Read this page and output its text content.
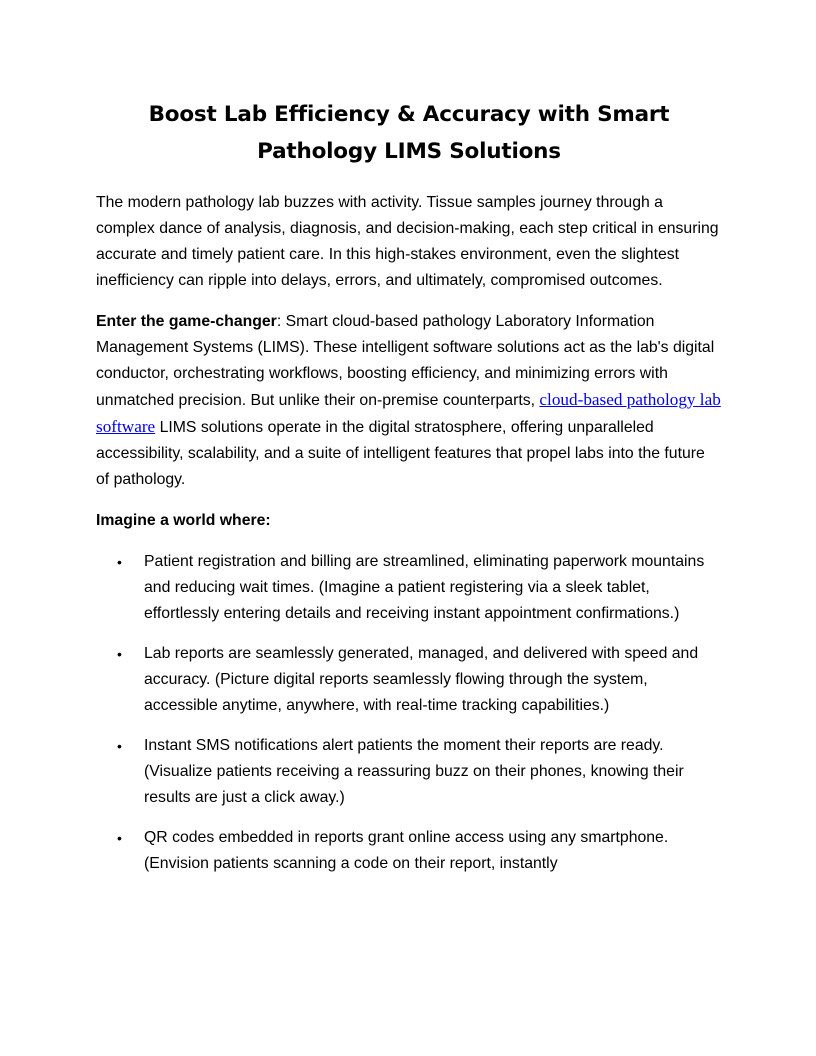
Boost Lab Efficiency & Accuracy with Smart Pathology LIMS Solutions

The modern pathology lab buzzes with activity. Tissue samples journey through a complex dance of analysis, diagnosis, and decision-making, each step critical in ensuring accurate and timely patient care. In this high-stakes environment, even the slightest inefficiency can ripple into delays, errors, and ultimately, compromised outcomes.

Enter the game-changer: Smart cloud-based pathology Laboratory Information Management Systems (LIMS). These intelligent software solutions act as the lab's digital conductor, orchestrating workflows, boosting efficiency, and minimizing errors with unmatched precision. But unlike their on-premise counterparts, cloud-based pathology lab software LIMS solutions operate in the digital stratosphere, offering unparalleled accessibility, scalability, and a suite of intelligent features that propel labs into the future of pathology.

Imagine a world where:

• Patient registration and billing are streamlined, eliminating paperwork mountains and reducing wait times. (Imagine a patient registering via a sleek tablet, effortlessly entering details and receiving instant appointment confirmations.)
• Lab reports are seamlessly generated, managed, and delivered with speed and accuracy. (Picture digital reports seamlessly flowing through the system, accessible anytime, anywhere, with real-time tracking capabilities.)
• Instant SMS notifications alert patients the moment their reports are ready. (Visualize patients receiving a reassuring buzz on their phones, knowing their results are just a click away.)
• QR codes embedded in reports grant online access using any smartphone. (Envision patients scanning a code on their report, instantly
